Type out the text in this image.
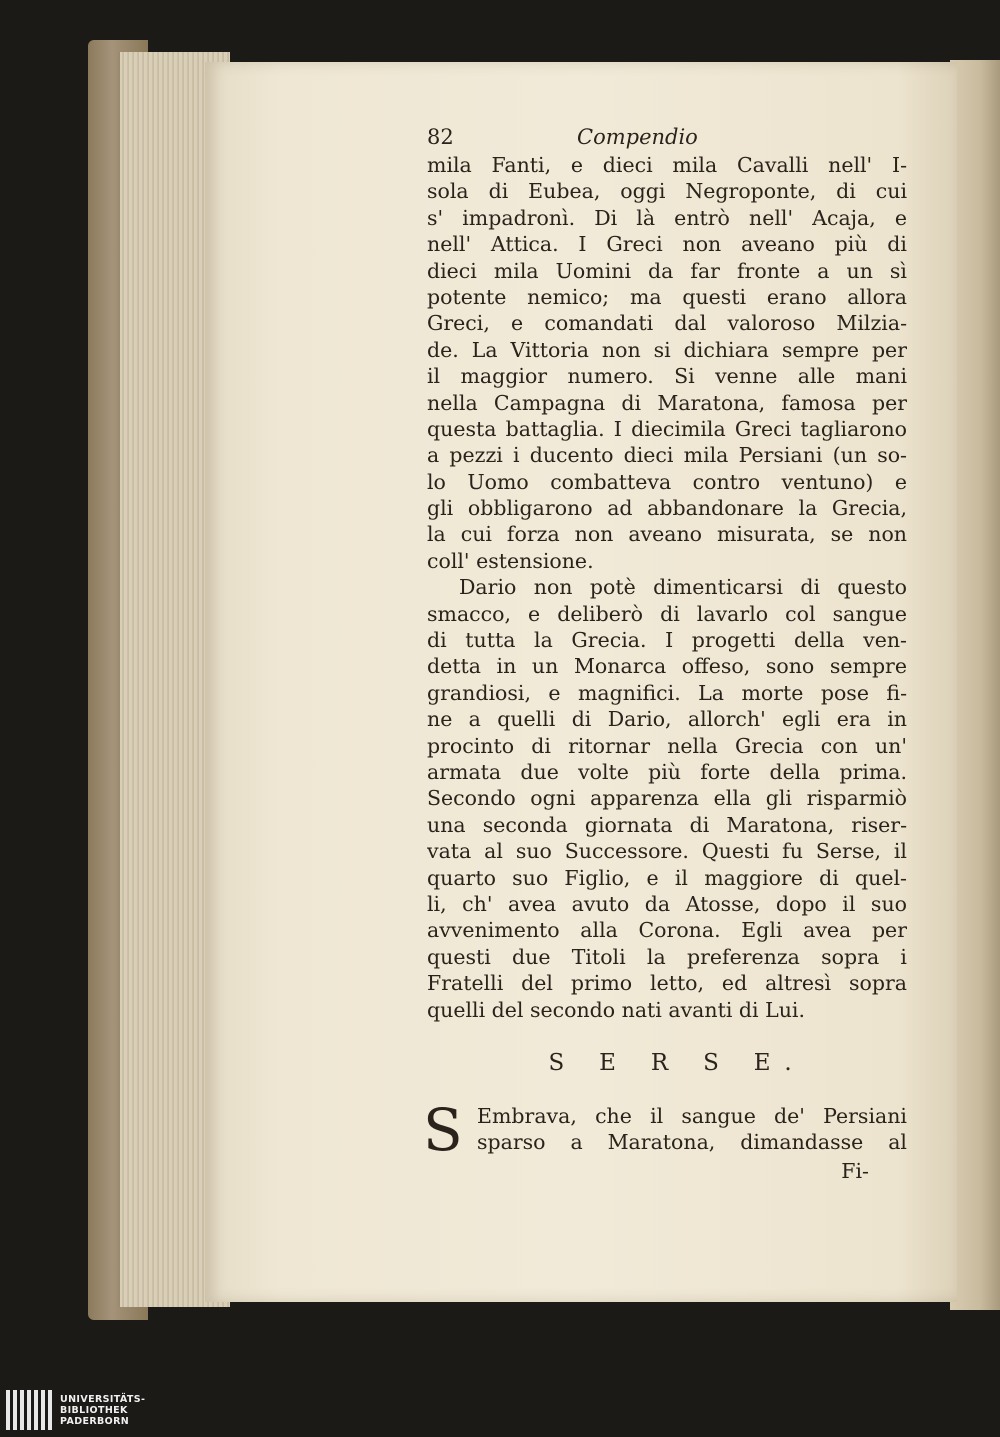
82	Compendio
mila Fanti, e dieci mila Cavalli nell' I-
sola di Eubea, oggi Negroponte, di cui
s' impadronì. Di là entrò nell' Acaja, e
nell' Attica. I Greci non aveano più di
dieci mila Uomini da far fronte a un sì
potente nemico; ma questi erano allora
Greci, e comandati dal valoroso Milzia-
de. La Vittoria non si dichiara sempre per
il maggior numero. Si venne alle mani
nella Campagna di Maratona, famosa per
questa battaglia. I diecimila Greci tagliarono
a pezzi i ducento dieci mila Persiani (un so-
lo Uomo combatteva contro ventuno) e
gli obbligarono ad abbandonare la Grecia,
la cui forza non aveano misurata, se non
coll' estensione.
Dario non potè dimenticarsi di questo
smacco, e deliberò di lavarlo col sangue
di tutta la Grecia. I progetti della ven-
detta in un Monarca offeso, sono sempre
grandiosi, e magnifici. La morte pose fi-
ne a quelli di Dario, allorch' egli era in
procinto di ritornar nella Grecia con un'
armata due volte più forte della prima.
Secondo ogni apparenza ella gli risparmiò
una seconda giornata di Maratona, riser-
vata al suo Successore. Questi fu Serse, il
quarto suo Figlio, e il maggiore di quel-
li, ch' avea avuto da Atosse, dopo il suo
avvenimento alla Corona. Egli avea per
questi due Titoli la preferenza sopra i
Fratelli del primo letto, ed altresì sopra
quelli del secondo nati avanti di Lui.
S E R S E.
S Embrava, che il sangue de' Persiani
sparso a Maratona, dimandasse al
Fi-
UNIVERSITÄTS-
BIBLIOTHEK
PADERBORN
